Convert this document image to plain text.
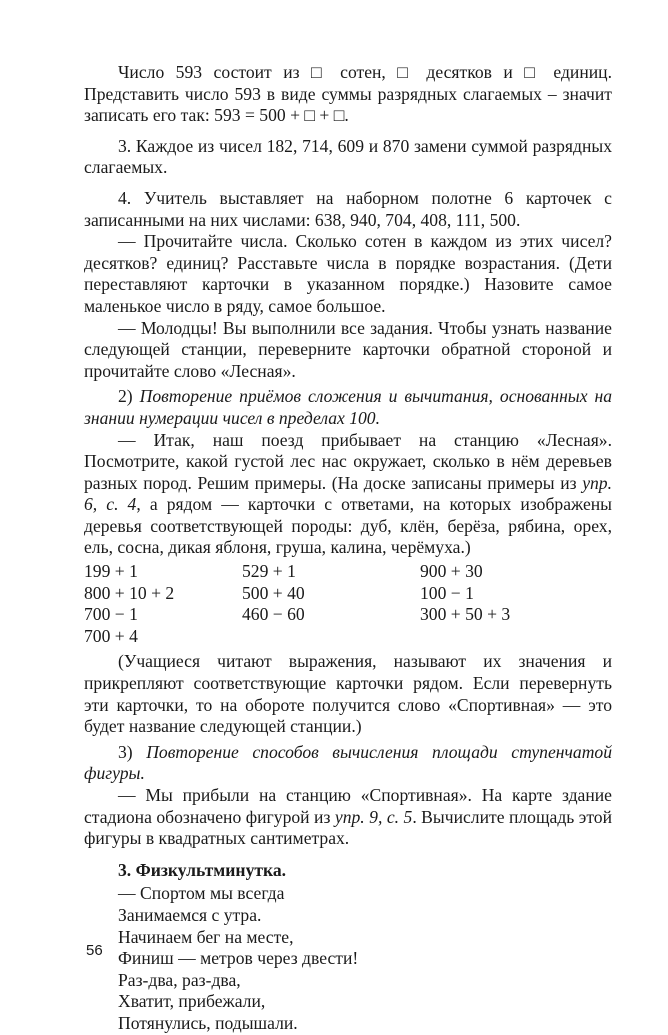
Число 593 состоит из □ сотен, □ десятков и □ единиц. Представить число 593 в виде суммы разрядных слагаемых – значит записать его так: 593 = 500 + □ + □.

3. Каждое из чисел 182, 714, 609 и 870 замени суммой разрядных слагаемых.

4. Учитель выставляет на наборном полотне 6 карточек с записанными на них числами: 638, 940, 704, 408, 111, 500.

— Прочитайте числа. Сколько сотен в каждом из этих чисел? десятков? единиц? Расставьте числа в порядке возрастания. (Дети переставляют карточки в указанном порядке.) Назовите самое маленькое число в ряду, самое большое.

— Молодцы! Вы выполнили все задания. Чтобы узнать название следующей станции, переверните карточки обратной стороной и прочитайте слово «Лесная».

2) Повторение приёмов сложения и вычитания, основанных на знании нумерации чисел в пределах 100.

— Итак, наш поезд прибывает на станцию «Лесная». Посмотрите, какой густой лес нас окружает, сколько в нём деревьев разных пород. Решим примеры. (На доске записаны примеры из упр. 6, с. 4, а рядом — карточки с ответами, на которых изображены деревья соответствующей породы: дуб, клён, берёза, рябина, орех, ель, сосна, дикая яблоня, груша, калина, черёмуха.)

199 + 1	529 + 1	900 + 30
800 + 10 + 2	500 + 40	100 − 1
700 − 1	460 − 60	300 + 50 + 3
700 + 4

(Учащиеся читают выражения, называют их значения и прикрепляют соответствующие карточки рядом. Если перевернуть эти карточки, то на обороте получится слово «Спортивная» — это будет название следующей станции.)

3) Повторение способов вычисления площади ступенчатой фигуры.

— Мы прибыли на станцию «Спортивная». На карте здание стадиона обозначено фигурой из упр. 9, с. 5. Вычислите площадь этой фигуры в квадратных сантиметрах.

3. Физкультминутка.
— Спортом мы всегда
Занимаемся с утра.
Начинаем бег на месте,
Финиш — метров через двести!
Раз-два, раз-два,
Хватит, прибежали,
Потянулись, подышали.
56
